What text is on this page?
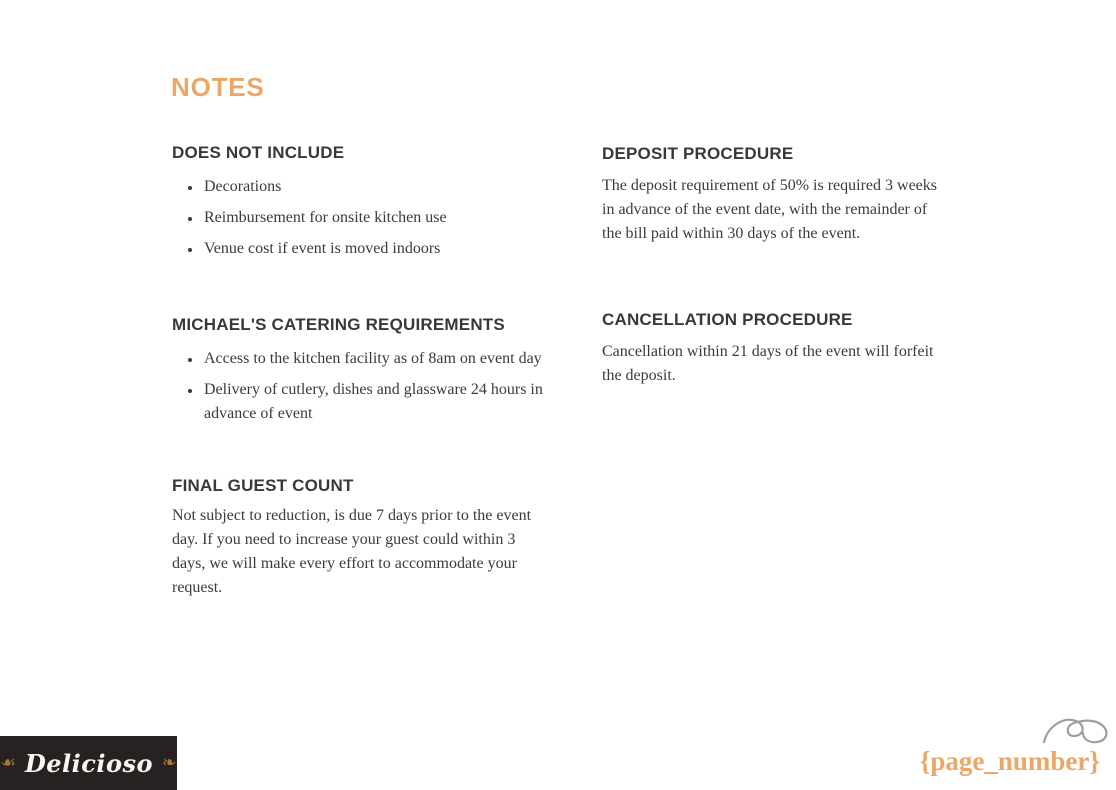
NOTES
DOES NOT INCLUDE
• Decorations
• Reimbursement for onsite kitchen use
• Venue cost if event is moved indoors
MICHAEL'S CATERING REQUIREMENTS
• Access to the kitchen facility as of 8am on event day
• Delivery of cutlery, dishes and glassware 24 hours in advance of event
FINAL GUEST COUNT

Not subject to reduction, is due 7 days prior to the event day. If you need to increase your guest could within 3 days, we will make every effort to accommodate your request.

DEPOSIT PROCEDURE

The deposit requirement of 50% is required 3 weeks in advance of the event date, with the remainder of the bill paid within 30 days of the event.

CANCELLATION PROCEDURE

Cancellation within 21 days of the event will forfeit the deposit.

☙ Delicioso ❧	{page_number}
